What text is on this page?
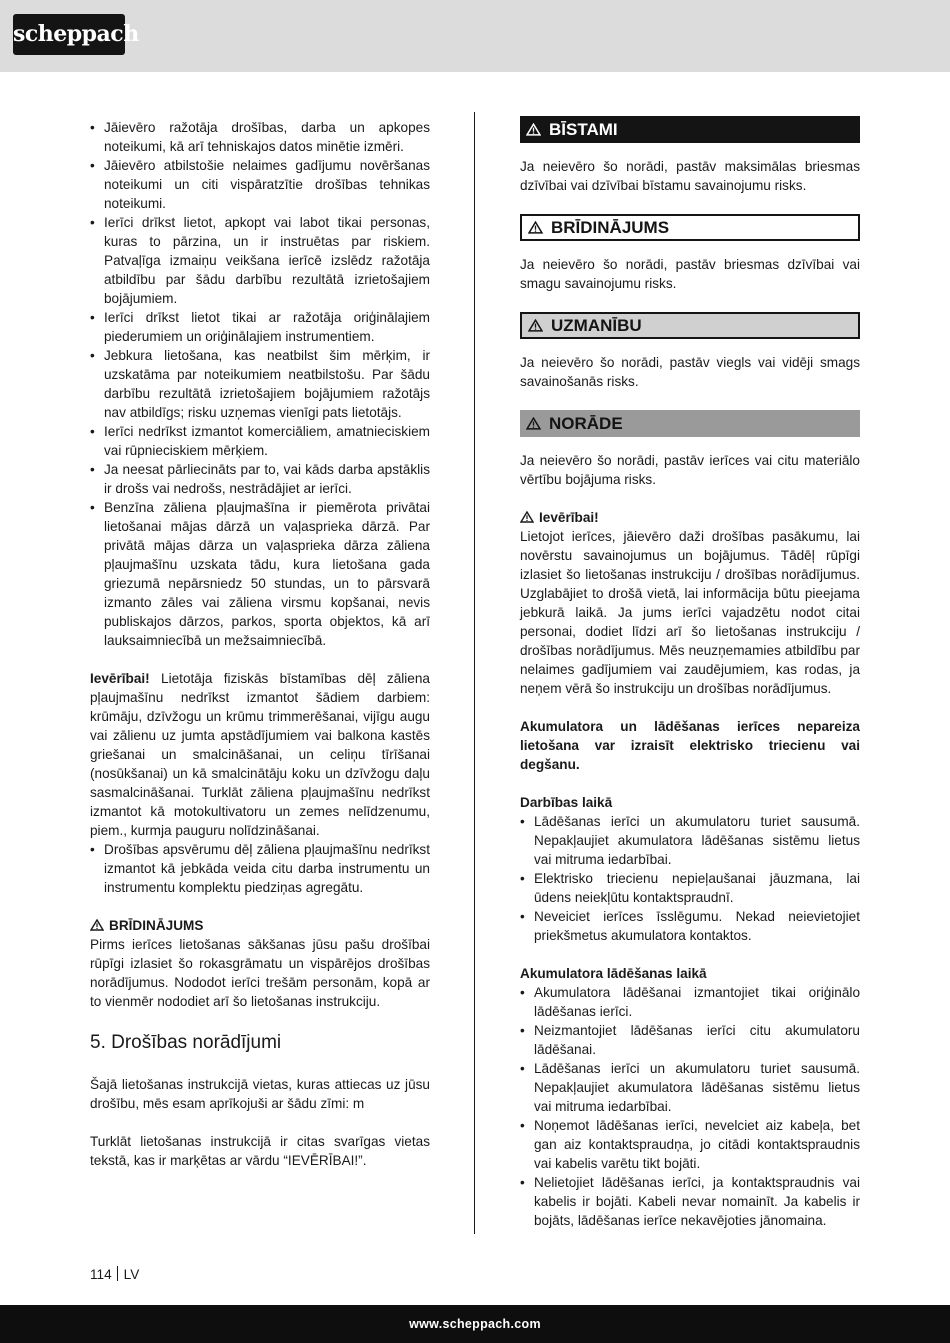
scheppach
• Jāievēro ražotāja drošības, darba un apkopes noteikumi, kā arī tehniskajos datos minētie izmēri.
• Jāievēro atbilstošie nelaimes gadījumu novēršanas noteikumi un citi vispāratzītie drošības tehnikas noteikumi.
• Ierīci drīkst lietot, apkopt vai labot tikai personas, kuras to pārzina, un ir instruētas par riskiem. Patvaļīga izmaiņu veikšana ierīcē izslēdz ražotāja atbildību par šādu darbību rezultātā izrietošajiem bojājumiem.
• Ierīci drīkst lietot tikai ar ražotāja oriģinālajiem piederumiem un oriģinālajiem instrumentiem.
• Jebkura lietošana, kas neatbilst šim mērķim, ir uzskatāma par noteikumiem neatbilstošu. Par šādu darbību rezultātā izrietošajiem bojājumiem ražotājs nav atbildīgs; risku uzņemas vienīgi pats lietotājs.
• Ierīci nedrīkst izmantot komerciāliem, amatnieciskiem vai rūpnieciskiem mērķiem.
• Ja neesat pārliecināts par to, vai kāds darba apstāklis ir drošs vai nedrošs, nestrādājiet ar ierīci.
• Benzīna zāliena pļaujmašīna ir piemērota privātai lietošanai mājas dārzā un vaļasprieka dārzā. Par privātā mājas dārza un vaļasprieka dārza zāliena pļaujmašīnu uzskata tādu, kura lietošana gada griezumā nepārsniedz 50 stundas, un to pārsvarā izmanto zāles vai zāliena virsmu kopšanai, nevis publiskajos dārzos, parkos, sporta objektos, kā arī lauksaimniecībā un mežsaimniecībā.

Ievērībai! Lietotāja fiziskās bīstamības dēļ zāliena pļaujmašīnu nedrīkst izmantot šādiem darbiem: krūmāju, dzīvžogu un krūmu trimmerēšanai, vijīgu augu vai zālienu uz jumta apstādījumiem vai balkona kastēs griešanai un smalcināšanai, un celiņu tīrīšanai (nosūkšanai) un kā smalcinātāju koku un dzīvžogu daļu sasmalcināšanai. Turklāt zāliena pļaujmašīnu nedrīkst izmantot kā motokultivatoru un zemes nelīdzenumu, piem., kurmja pauguru nolīdzināšanai.

• Drošības apsvērumu dēļ zāliena pļaujmašīnu nedrīkst izmantot kā jebkāda veida citu darba instrumentu un instrumentu komplektu piedziņas agregātu.
BRĪDINĀJUMS

Pirms ierīces lietošanas sākšanas jūsu pašu drošībai rūpīgi izlasiet šo rokasgrāmatu un vispārējos drošības norādījumus. Nododot ierīci trešām personām, kopā ar to vienmēr nododiet arī šo lietošanas instrukciju.

5. Drošības norādījumi

Šajā lietošanas instrukcijā vietas, kuras attiecas uz jūsu drošību, mēs esam aprīkojuši ar šādu zīmi: m

Turklāt lietošanas instrukcijā ir citas svarīgas vietas tekstā, kas ir marķētas ar vārdu “IEVĒRĪBAI!”.

BĪSTAMI

Ja neievēro šo norādi, pastāv maksimālas briesmas dzīvībai vai dzīvībai bīstamu savainojumu risks.

BRĪDINĀJUMS

Ja neievēro šo norādi, pastāv briesmas dzīvībai vai smagu savainojumu risks.

UZMANĪBU

Ja neievēro šo norādi, pastāv viegls vai vidēji smags savainošanās risks.

NORĀDE

Ja neievēro šo norādi, pastāv ierīces vai citu materiālo vērtību bojājuma risks.

Ievērībai!

Lietojot ierīces, jāievēro daži drošības pasākumu, lai novērstu savainojumus un bojājumus. Tādēļ rūpīgi izlasiet šo lietošanas instrukciju / drošības norādījumus. Uzglabājiet to drošā vietā, lai informācija būtu pieejama jebkurā laikā. Ja jums ierīci vajadzētu nodot citai personai, dodiet līdzi arī šo lietošanas instrukciju / drošības norādījumus. Mēs neuzņemamies atbildību par nelaimes gadījumiem vai zaudējumiem, kas rodas, ja neņem vērā šo instrukciju un drošības norādījumus.

Akumulatora un lādēšanas ierīces nepareiza lietošana var izraisīt elektrisko triecienu vai degšanu.

Darbības laikā
• Lādēšanas ierīci un akumulatoru turiet sausumā. Nepakļaujiet akumulatora lādēšanas sistēmu lietus vai mitruma iedarbībai.
• Elektrisko triecienu nepieļaušanai jāuzmana, lai ūdens neiekļūtu kontaktspraudnī.
• Neveiciet ierīces īsslēgumu. Nekad neievietojiet priekšmetus akumulatora kontaktos.
Akumulatora lādēšanas laikā
• Akumulatora lādēšanai izmantojiet tikai oriģinālo lādēšanas ierīci.
• Neizmantojiet lādēšanas ierīci citu akumulatoru lādēšanai.
• Lādēšanas ierīci un akumulatoru turiet sausumā. Nepakļaujiet akumulatora lādēšanas sistēmu lietus vai mitruma iedarbībai.
• Noņemot lādēšanas ierīci, nevelciet aiz kabeļa, bet gan aiz kontaktspraudņa, jo citādi kontaktspraudnis vai kabelis varētu tikt bojāti.
• Nelietojiet lādēšanas ierīci, ja kontaktspraudnis vai kabelis ir bojāti. Kabeli nevar nomainīt. Ja kabelis ir bojāts, lādēšanas ierīce nekavējoties jānomaina.
114 LV
www.scheppach.com
